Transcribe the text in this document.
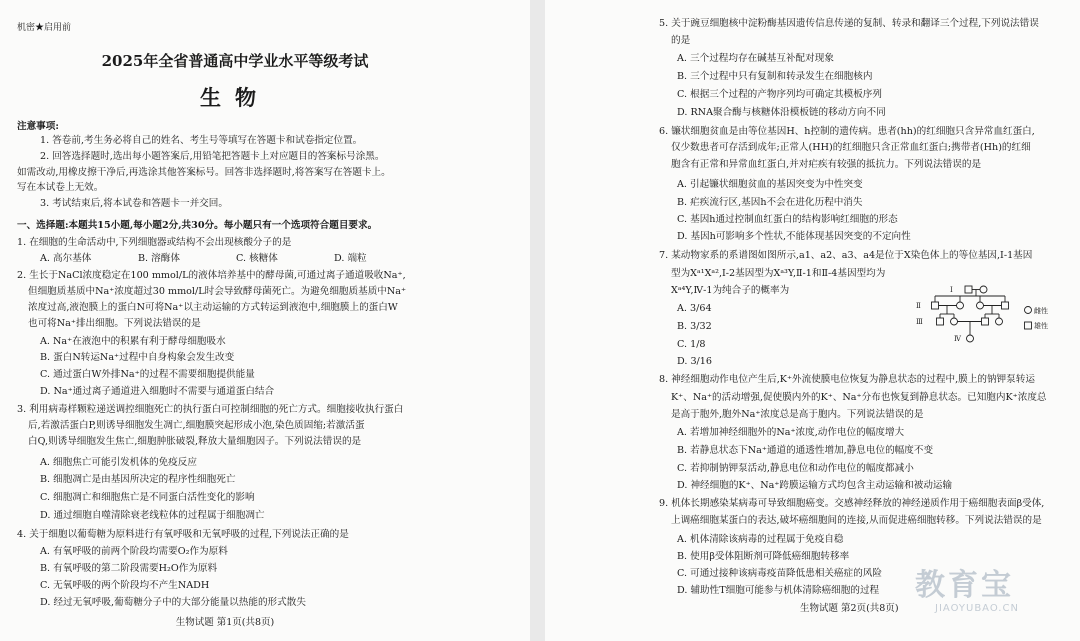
机密★启用前
2025年全省普通高中学业水平等级考试
生物
注意事项:
1. 答卷前,考生务必将自己的姓名、考生号等填写在答题卡和试卷指定位置。
2. 回答选择题时,选出每小题答案后,用铅笔把答题卡上对应题目的答案标号涂黑。
如需改动,用橡皮擦干净后,再选涂其他答案标号。回答非选择题时,将答案写在答题卡上。
写在本试卷上无效。
3. 考试结束后,将本试卷和答题卡一并交回。
一、选择题:本题共15小题,每小题2分,共30分。每小题只有一个选项符合题目要求。
1. 在细胞的生命活动中,下列细胞器或结构不会出现核酸分子的是
A. 高尔基体	B. 溶酶体	C. 核糖体	D. 端粒
2. 生长于NaCl浓度稳定在100 mmol/L的液体培养基中的酵母菌,可通过离子通道吸收Na⁺,
但细胞质基质中Na⁺浓度超过30 mmol/L时会导致酵母菌死亡。为避免细胞质基质中Na⁺
浓度过高,液泡膜上的蛋白N可将Na⁺以主动运输的方式转运到液泡中,细胞膜上的蛋白W
也可将Na⁺排出细胞。下列说法错误的是
A. Na⁺在液泡中的积累有利于酵母细胞吸水
B. 蛋白N转运Na⁺过程中自身构象会发生改变
C. 通过蛋白W外排Na⁺的过程不需要细胞提供能量
D. Na⁺通过离子通道进入细胞时不需要与通道蛋白结合
3. 利用病毒样颗粒递送调控细胞死亡的执行蛋白可控制细胞的死亡方式。细胞接收执行蛋白
后,若激活蛋白P,则诱导细胞发生凋亡,细胞膜突起形成小泡,染色质固缩;若激活蛋
白Q,则诱导细胞发生焦亡,细胞肿胀破裂,释放大量细胞因子。下列说法错误的是
A. 细胞焦亡可能引发机体的免疫反应
B. 细胞凋亡是由基因所决定的程序性细胞死亡
C. 细胞凋亡和细胞焦亡是不同蛋白活性变化的影响
D. 通过细胞自噬清除衰老线粒体的过程属于细胞凋亡
4. 关于细胞以葡萄糖为原料进行有氧呼吸和无氧呼吸的过程,下列说法正确的是
A. 有氧呼吸的前两个阶段均需要O₂作为原料
B. 有氧呼吸的第二阶段需要H₂O作为原料
C. 无氧呼吸的两个阶段均不产生NADH
D. 经过无氧呼吸,葡萄糖分子中的大部分能量以热能的形式散失
生物试题 第1页(共8页)
5. 关于豌豆细胞核中淀粉酶基因遗传信息传递的复制、转录和翻译三个过程,下列说法错误
的是
A. 三个过程均存在碱基互补配对现象
B. 三个过程中只有复制和转录发生在细胞核内
C. 根据三个过程的产物序列均可确定其模板序列
D. RNA聚合酶与核糖体沿模板链的移动方向不同
6. 镰状细胞贫血是由等位基因H、h控制的遗传病。患者(hh)的红细胞只含异常血红蛋白,
仅少数患者可存活到成年;正常人(HH)的红细胞只含正常血红蛋白;携带者(Hh)的红细
胞含有正常和异常血红蛋白,并对疟疾有较强的抵抗力。下列说法错误的是
A. 引起镰状细胞贫血的基因突变为中性突变
B. 疟疾流行区,基因h不会在进化历程中消失
C. 基因h通过控制血红蛋白的结构影响红细胞的形态
D. 基因h可影响多个性状,不能体现基因突变的不定向性
7. 某动物家系的系谱图如图所示,a1、a2、a3、a4是位于X染色体上的等位基因,Ⅰ-1基因
型为Xᵃ¹Xᵃ²,Ⅰ-2基因型为Xᵃ³Y,Ⅱ-1和Ⅱ-4基因型均为
Xᵃ⁴Y,Ⅳ-1为纯合子的概率为
A. 3/64
B. 3/32
C. 1/8
D. 3/16
Ⅰ
Ⅱ
Ⅲ
Ⅳ
雌性
雄性
8. 神经细胞动作电位产生后,K⁺外流使膜电位恢复为静息状态的过程中,膜上的钠钾泵转运
K⁺、Na⁺的活动增强,促使膜内外的K⁺、Na⁺分布也恢复到静息状态。已知胞内K⁺浓度总
是高于胞外,胞外Na⁺浓度总是高于胞内。下列说法错误的是
A. 若增加神经细胞外的Na⁺浓度,动作电位的幅度增大
B. 若静息状态下Na⁺通道的通透性增加,静息电位的幅度不变
C. 若抑制钠钾泵活动,静息电位和动作电位的幅度都减小
D. 神经细胞的K⁺、Na⁺跨膜运输方式均包含主动运输和被动运输
9. 机体长期感染某病毒可导致细胞癌变。交感神经释放的神经递质作用于癌细胞表面β受体,
上调癌细胞某蛋白的表达,破坏癌细胞间的连接,从而促进癌细胞转移。下列说法错误的是
A. 机体清除该病毒的过程属于免疫自稳
B. 使用β受体阻断剂可降低癌细胞转移率
C. 可通过接种该病毒疫苗降低患相关癌症的风险
D. 辅助性T细胞可能参与机体清除癌细胞的过程
生物试题 第2页(共8页)
教育宝
JIAOYUBAO.CN
